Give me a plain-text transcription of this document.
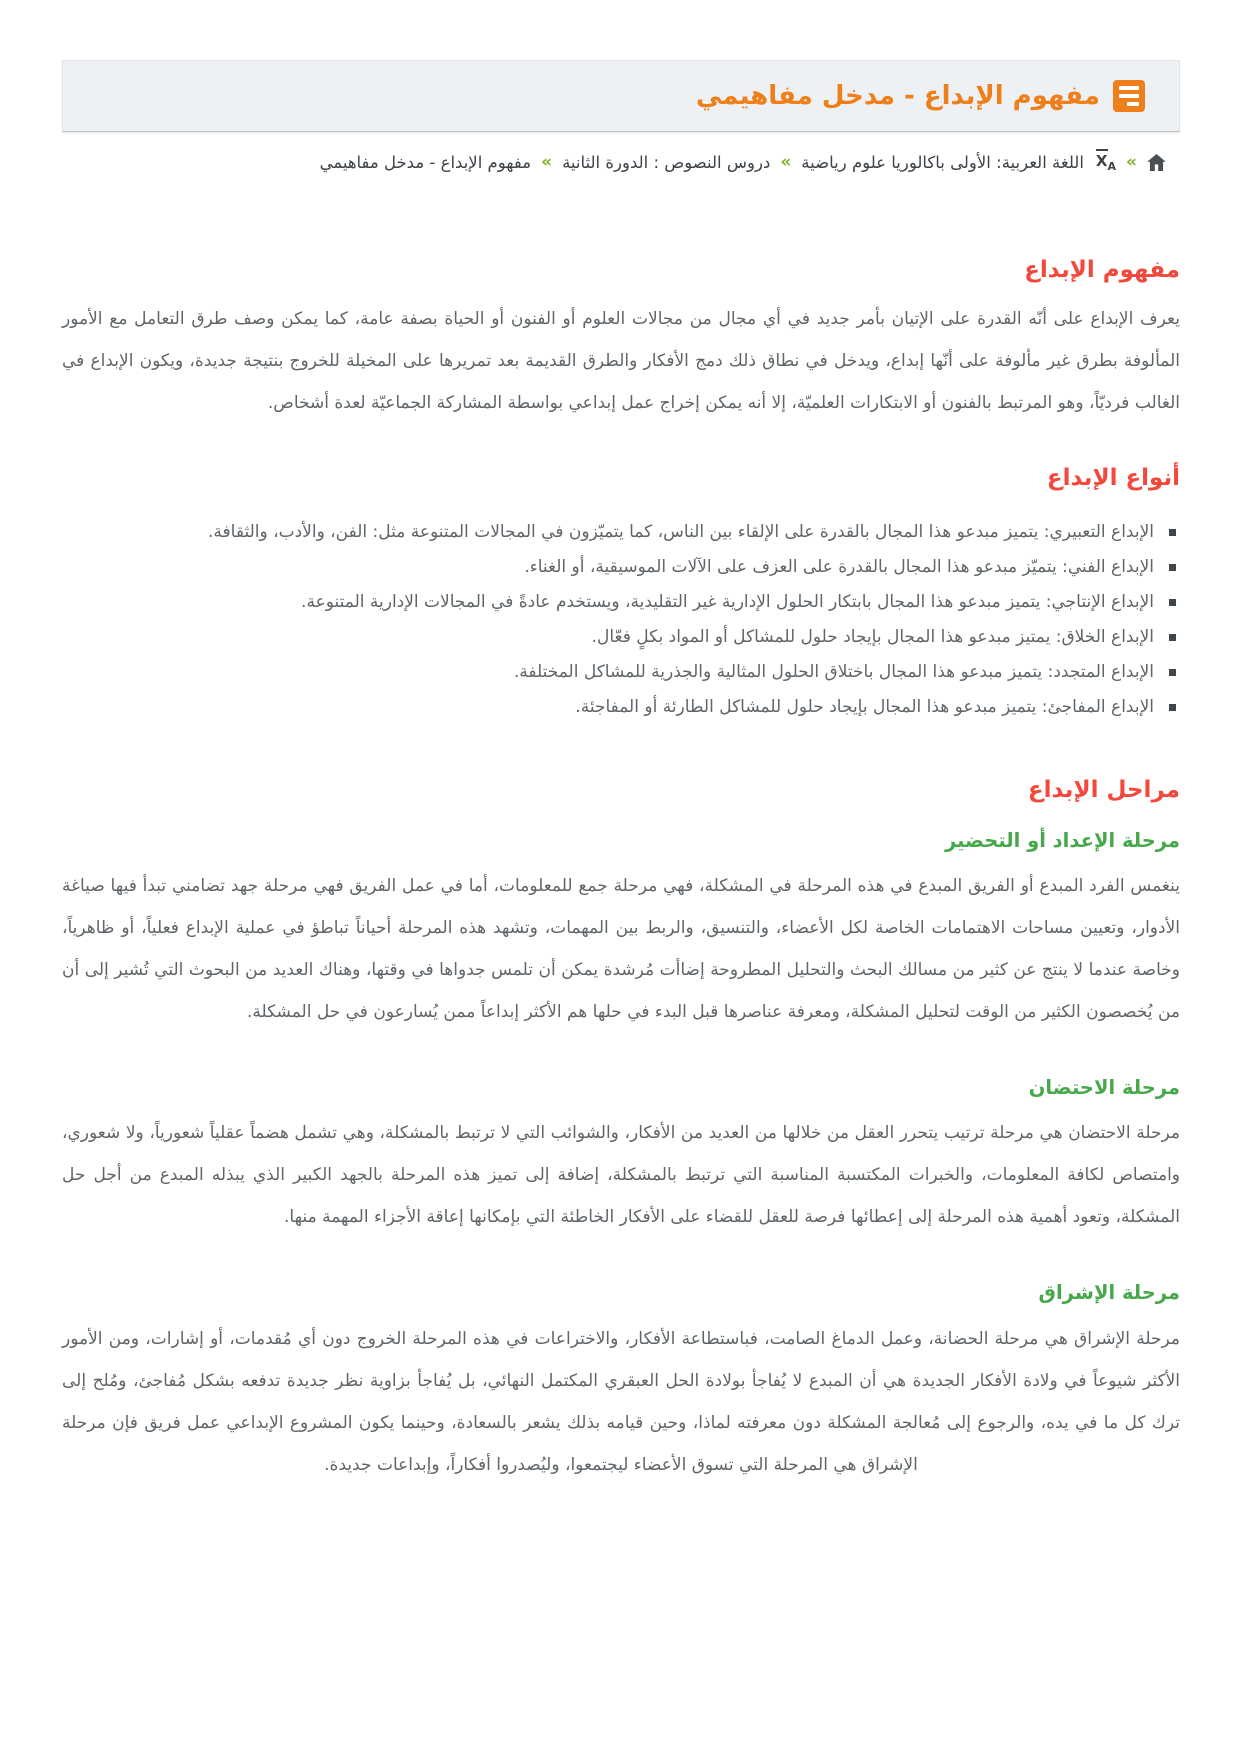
مفهوم الإبداع - مدخل مفاهيمي
«
$X_A$
اللغة العربية: الأولى باكالوريا علوم رياضية
«
دروس النصوص : الدورة الثانية
«
مفهوم الإبداع - مدخل مفاهيمي
مفهوم الإبداع

يعرف الإبداع على أنّه القدرة على الإتيان بأمر جديد في أي مجال من مجالات العلوم أو الفنون أو الحياة بصفة عامة، كما يمكن وصف طرق التعامل مع الأمور المألوفة بطرق غير مألوفة على أنّها إبداع، ويدخل في نطاق ذلك دمج الأفكار والطرق القديمة بعد تمريرها على المخيلة للخروج بنتيجة جديدة، ويكون الإبداع في الغالب فرديّاً، وهو المرتبط بالفنون أو الابتكارات العلميّة، إلا أنه يمكن إخراج عمل إبداعي بواسطة المشاركة الجماعيّة لعدة أشخاص.

أنواع الإبداع
الإبداع التعبيري: يتميز مبدعو هذا المجال بالقدرة على الإلقاء بين الناس، كما يتميّزون في المجالات المتنوعة مثل: الفن، والأدب، والثقافة.
الإبداع الفني: يتميّز مبدعو هذا المجال بالقدرة على العزف على الآلات الموسيقية، أو الغناء.
الإبداع الإنتاجي: يتميز مبدعو هذا المجال بابتكار الحلول الإدارية غير التقليدية، ويستخدم عادةً في المجالات الإدارية المتنوعة.
الإبداع الخلاق: يمتيز مبدعو هذا المجال بإيجاد حلول للمشاكل أو المواد بكلٍ فعّال.
الإبداع المتجدد: يتميز مبدعو هذا المجال باختلاق الحلول المثالية والجذرية للمشاكل المختلفة.
الإبداع المفاجئ: يتميز مبدعو هذا المجال بإيجاد حلول للمشاكل الطارئة أو المفاجئة.
مراحل الإبداع
مرحلة الإعداد أو التحضير

ينغمس الفرد المبدع أو الفريق المبدع في هذه المرحلة في المشكلة، فهي مرحلة جمع للمعلومات، أما في عمل الفريق فهي مرحلة جهد تضامني تبدأ فيها صياغة الأدوار، وتعيين مساحات الاهتمامات الخاصة لكل الأعضاء، والتنسيق، والربط بين المهمات، وتشهد هذه المرحلة أحياناً تباطؤ في عملية الإبداع فعلياً، أو ظاهرياً، وخاصة عندما لا ينتج عن كثير من مسالك البحث والتحليل المطروحة إضاأت مُرشدة يمكن أن تلمس جدواها في وقتها، وهناك العديد من البحوث التي تُشير إلى أن من يُخصصون الكثير من الوقت لتحليل المشكلة، ومعرفة عناصرها قبل البدء في حلها هم الأكثر إبداعاً ممن يُسارعون في حل المشكلة.

مرحلة الاحتضان

مرحلة الاحتضان هي مرحلة ترتيب يتحرر العقل من خلالها من العديد من الأفكار، والشوائب التي لا ترتبط بالمشكلة، وهي تشمل هضماً عقلياً شعورياً، ولا شعوري، وامتصاص لكافة المعلومات، والخبرات المكتسبة المناسبة التي ترتبط بالمشكلة، إضافة إلى تميز هذه المرحلة بالجهد الكبير الذي يبذله المبدع من أجل حل المشكلة، وتعود أهمية هذه المرحلة إلى إعطائها فرصة للعقل للقضاء على الأفكار الخاطئة التي بإمكانها إعاقة الأجزاء المهمة منها.

مرحلة الإشراق

مرحلة الإشراق هي مرحلة الحضانة، وعمل الدماغ الصامت، فباستطاعة الأفكار، والاختراعات في هذه المرحلة الخروج دون أي مُقدمات، أو إشارات، ومن الأمور الأكثر شيوعاً في ولادة الأفكار الجديدة هي أن المبدع لا يُفاجأ بولادة الحل العبقري المكتمل النهائي، بل يُفاجأ بزاوية نظر جديدة تدفعه بشكل مُفاجئ، ومُلح إلى ترك كل ما في يده، والرجوع إلى مُعالجة المشكلة دون معرفته لماذا، وحين قيامه بذلك يشعر بالسعادة، وحينما يكون المشروع الإبداعي عمل فريق فإن مرحلة الإشراق هي المرحلة التي تسوق الأعضاء ليجتمعوا، وليُصدروا أفكاراً، وإبداعات جديدة.
